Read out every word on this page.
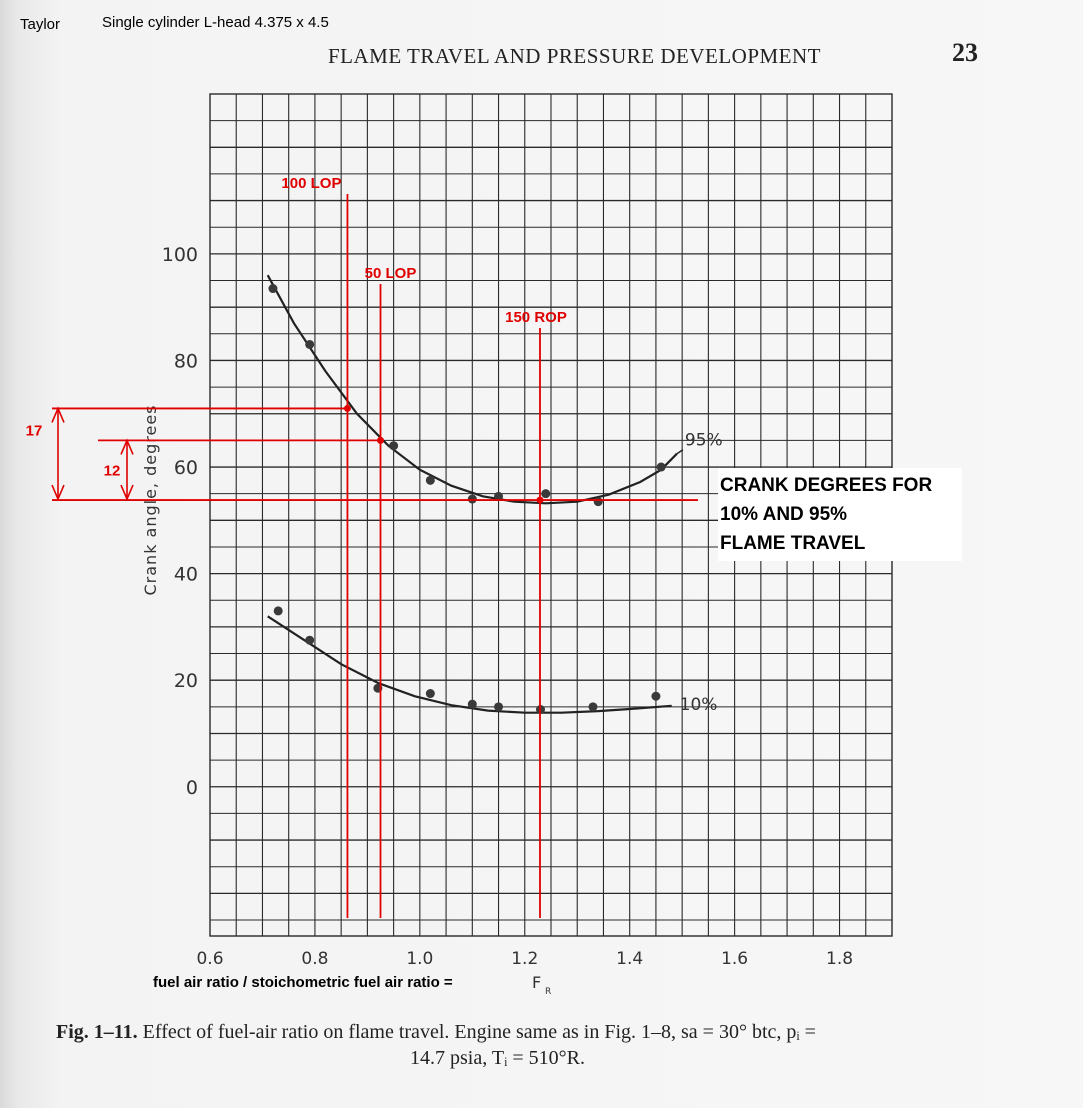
Taylor	Single cylinder L-head 4.375 x 4.5
FLAME TRAVEL AND PRESSURE DEVELOPMENT	23
0
20
40
60
80
100
0.6	0.8	1.0	1.2	1.4	1.6	1.8
Crank angle, degrees
F R
95%
10%
100 LOP
50 LOP
150 ROP
17
12
CRANK DEGREES FOR
10% AND 95%
FLAME TRAVEL
fuel air ratio / stoichometric fuel air ratio =
Fig. 1–11. Effect of fuel-air ratio on flame travel. Engine same as in Fig. 1–8, sa = 30° btc, pᵢ =
14.7 psia, Tᵢ = 510°R.
